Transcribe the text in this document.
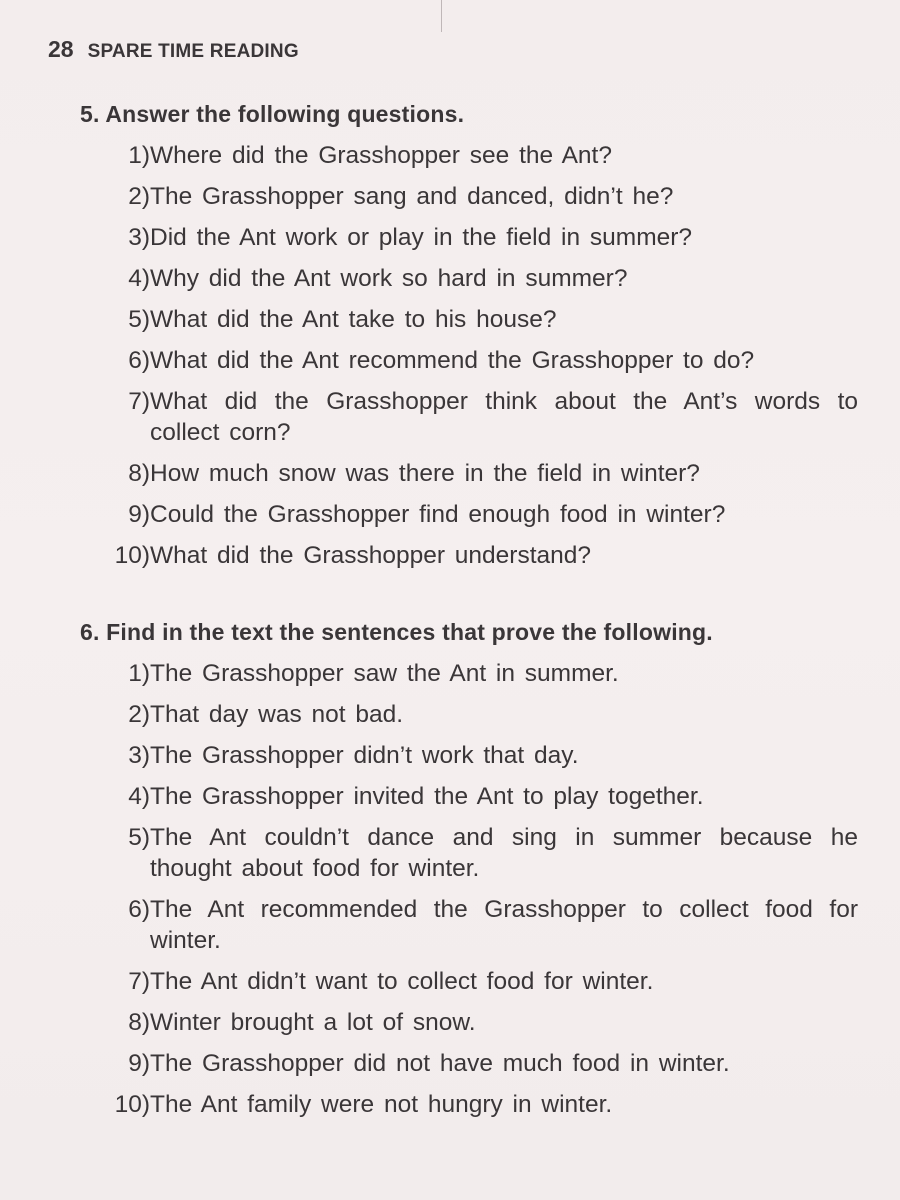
28 SPARE TIME READING
5. Answer the following questions.
1) Where did the Grasshopper see the Ant?
2) The Grasshopper sang and danced, didn’t he?
3) Did the Ant work or play in the field in summer?
4) Why did the Ant work so hard in summer?
5) What did the Ant take to his house?
6) What did the Ant recommend the Grasshopper to do?
7) What did the Grasshopper think about the Ant’s words to collect corn?
8) How much snow was there in the field in winter?
9) Could the Grasshopper find enough food in winter?
10) What did the Grasshopper understand?
6. Find in the text the sentences that prove the following.
1) The Grasshopper saw the Ant in summer.
2) That day was not bad.
3) The Grasshopper didn’t work that day.
4) The Grasshopper invited the Ant to play together.
5) The Ant couldn’t dance and sing in summer because he thought about food for winter.
6) The Ant recommended the Grasshopper to collect food for winter.
7) The Ant didn’t want to collect food for winter.
8) Winter brought a lot of snow.
9) The Grasshopper did not have much food in winter.
10) The Ant family were not hungry in winter.
